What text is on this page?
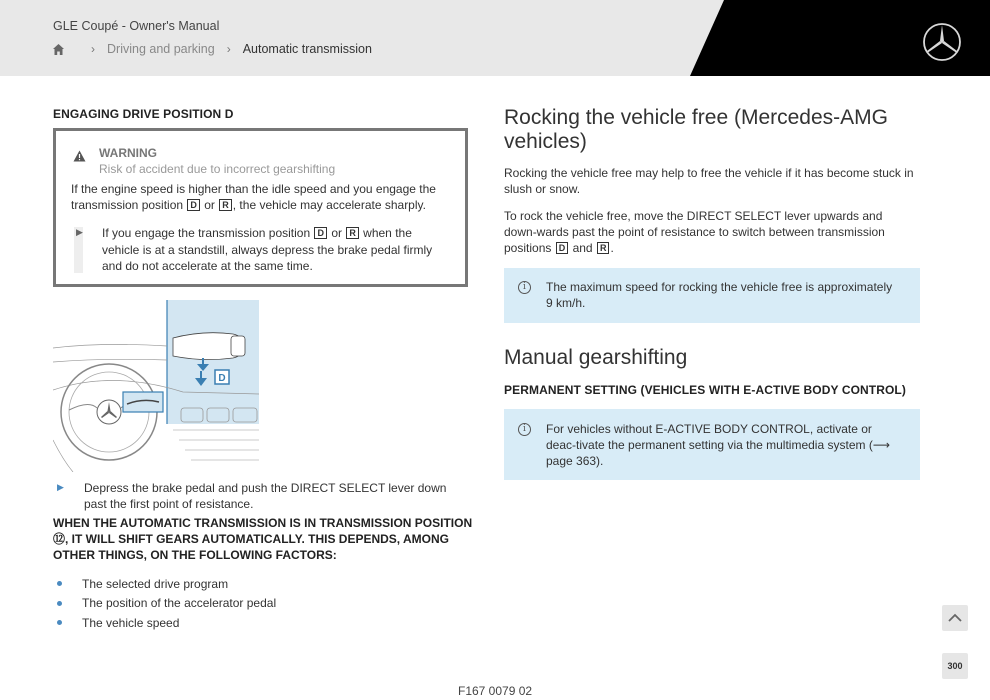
GLE Coupé - Owner's Manual
› Driving and parking › Automatic transmission
ENGAGING DRIVE POSITION D
WARNING
Risk of accident due to incorrect gearshifting
If the engine speed is higher than the idle speed and you engage the transmission position D or R , the vehicle may accelerate sharply.
▶ If you engage the transmission position D or R when the vehicle is at a standstill, always depress the brake pedal firmly and do not accelerate at the same time.
D
▶ Depress the brake pedal and push the DIRECT SELECT lever down past the first point of resistance.
WHEN THE AUTOMATIC TRANSMISSION IS IN TRANSMISSION POSITION ⑫, IT WILL SHIFT GEARS AUTOMATICALLY. THIS DEPENDS, AMONG OTHER THINGS, ON THE FOLLOWING FACTORS:
The selected drive program
The position of the accelerator pedal
The vehicle speed
Rocking the vehicle free (Mercedes-AMG vehicles)
Rocking the vehicle free may help to free the vehicle if it has become stuck in slush or snow.
To rock the vehicle free, move the DIRECT SELECT lever upwards and down-wards past the point of resistance to switch between transmission positions D and R .
i	The maximum speed for rocking the vehicle free is approximately 9 km/h.
Manual gearshifting
PERMANENT SETTING (VEHICLES WITH E-ACTIVE BODY CONTROL)
i	For vehicles without E-ACTIVE BODY CONTROL, activate or deac-tivate the permanent setting via the multimedia system (⟶ page 363).
300
F167 0079 02
